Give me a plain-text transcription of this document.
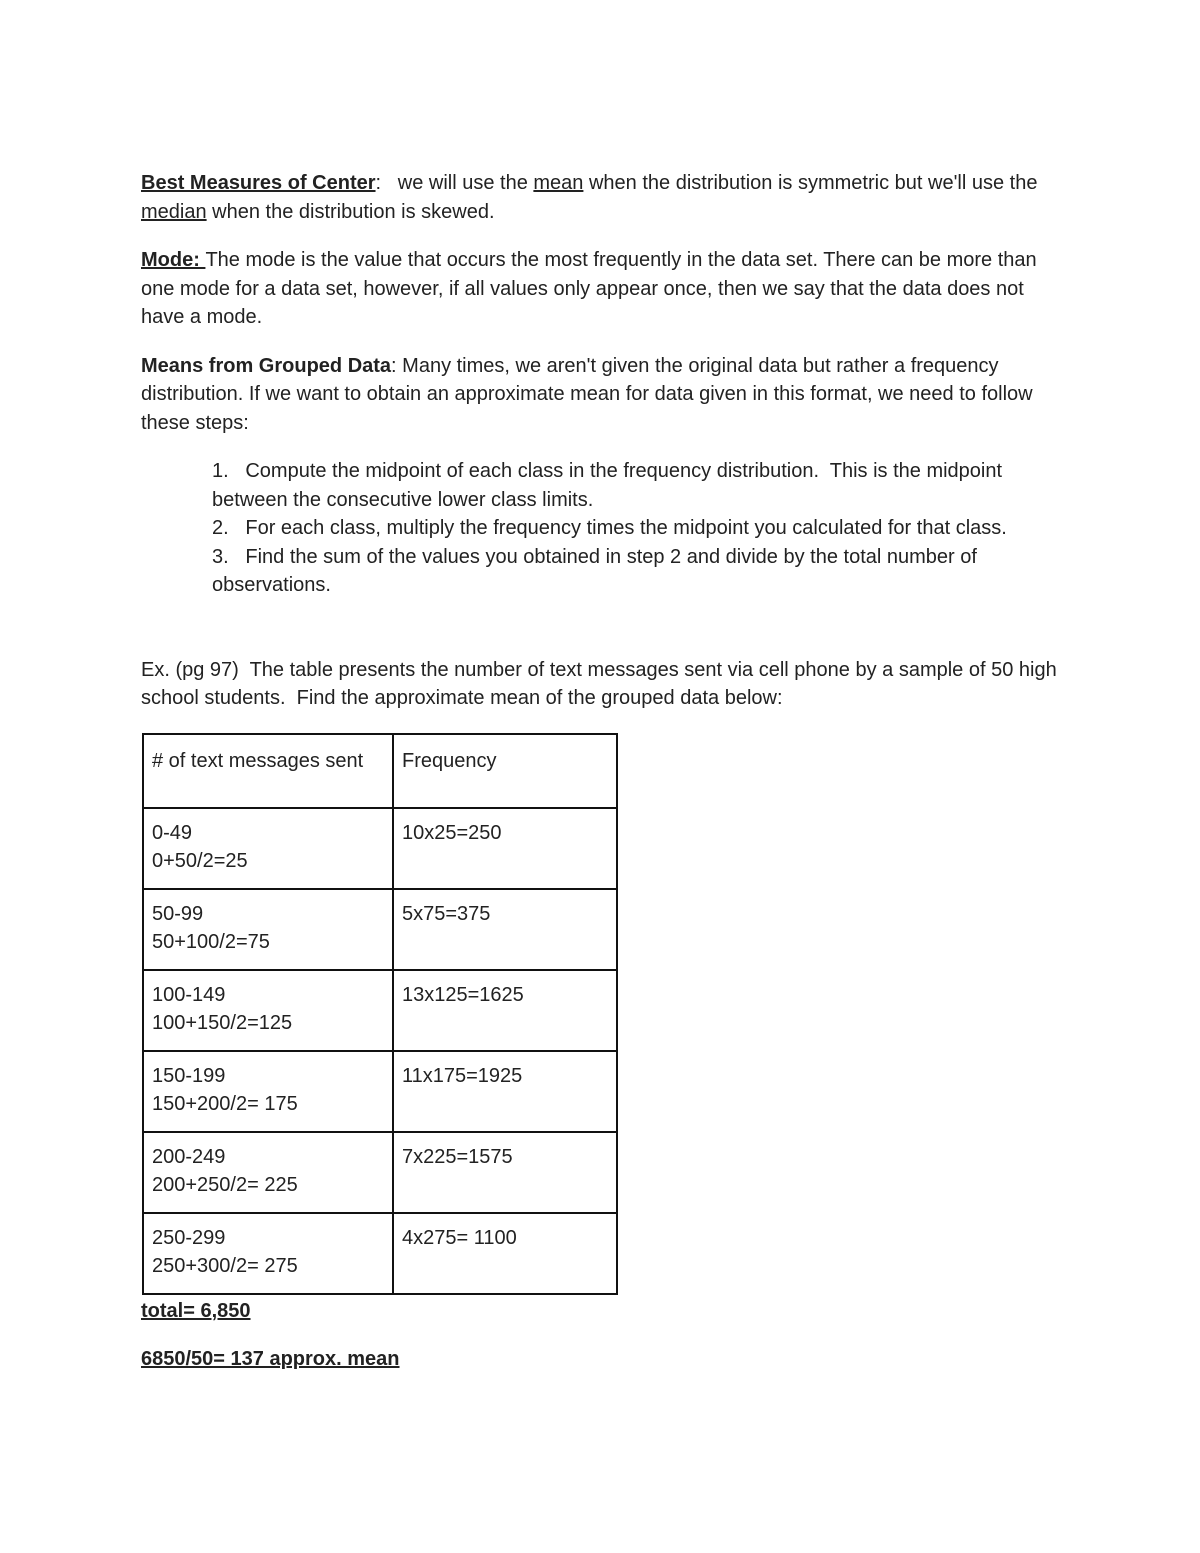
Best Measures of Center:   we will use the mean when the distribution is symmetric but we'll use the median when the distribution is skewed.

Mode: The mode is the value that occurs the most frequently in the data set. There can be more than one mode for a data set, however, if all values only appear once, then we say that the data does not have a mode.

Means from Grouped Data: Many times, we aren't given the original data but rather a frequency distribution. If we want to obtain an approximate mean for data given in this format, we need to follow these steps:

1.   Compute the midpoint of each class in the frequency distribution.  This is the midpoint between the consecutive lower class limits.
2.   For each class, multiply the frequency times the midpoint you calculated for that class.
3.   Find the sum of the values you obtained in step 2 and divide by the total number of observations.

Ex. (pg 97)  The table presents the number of text messages sent via cell phone by a sample of 50 high school students.  Find the approximate mean of the grouped data below:

# of text messages sent	Frequency

0-49
0+50/2=25	10x25=250

50-99
50+100/2=75	5x75=375

100-149
100+150/2=125	13x125=1625

150-199
150+200/2= 175	11x175=1925

200-249
200+250/2= 225	7x225=1575

250-299
250+300/2= 275	4x275= 1100

total= 6,850

6850/50= 137 approx. mean
